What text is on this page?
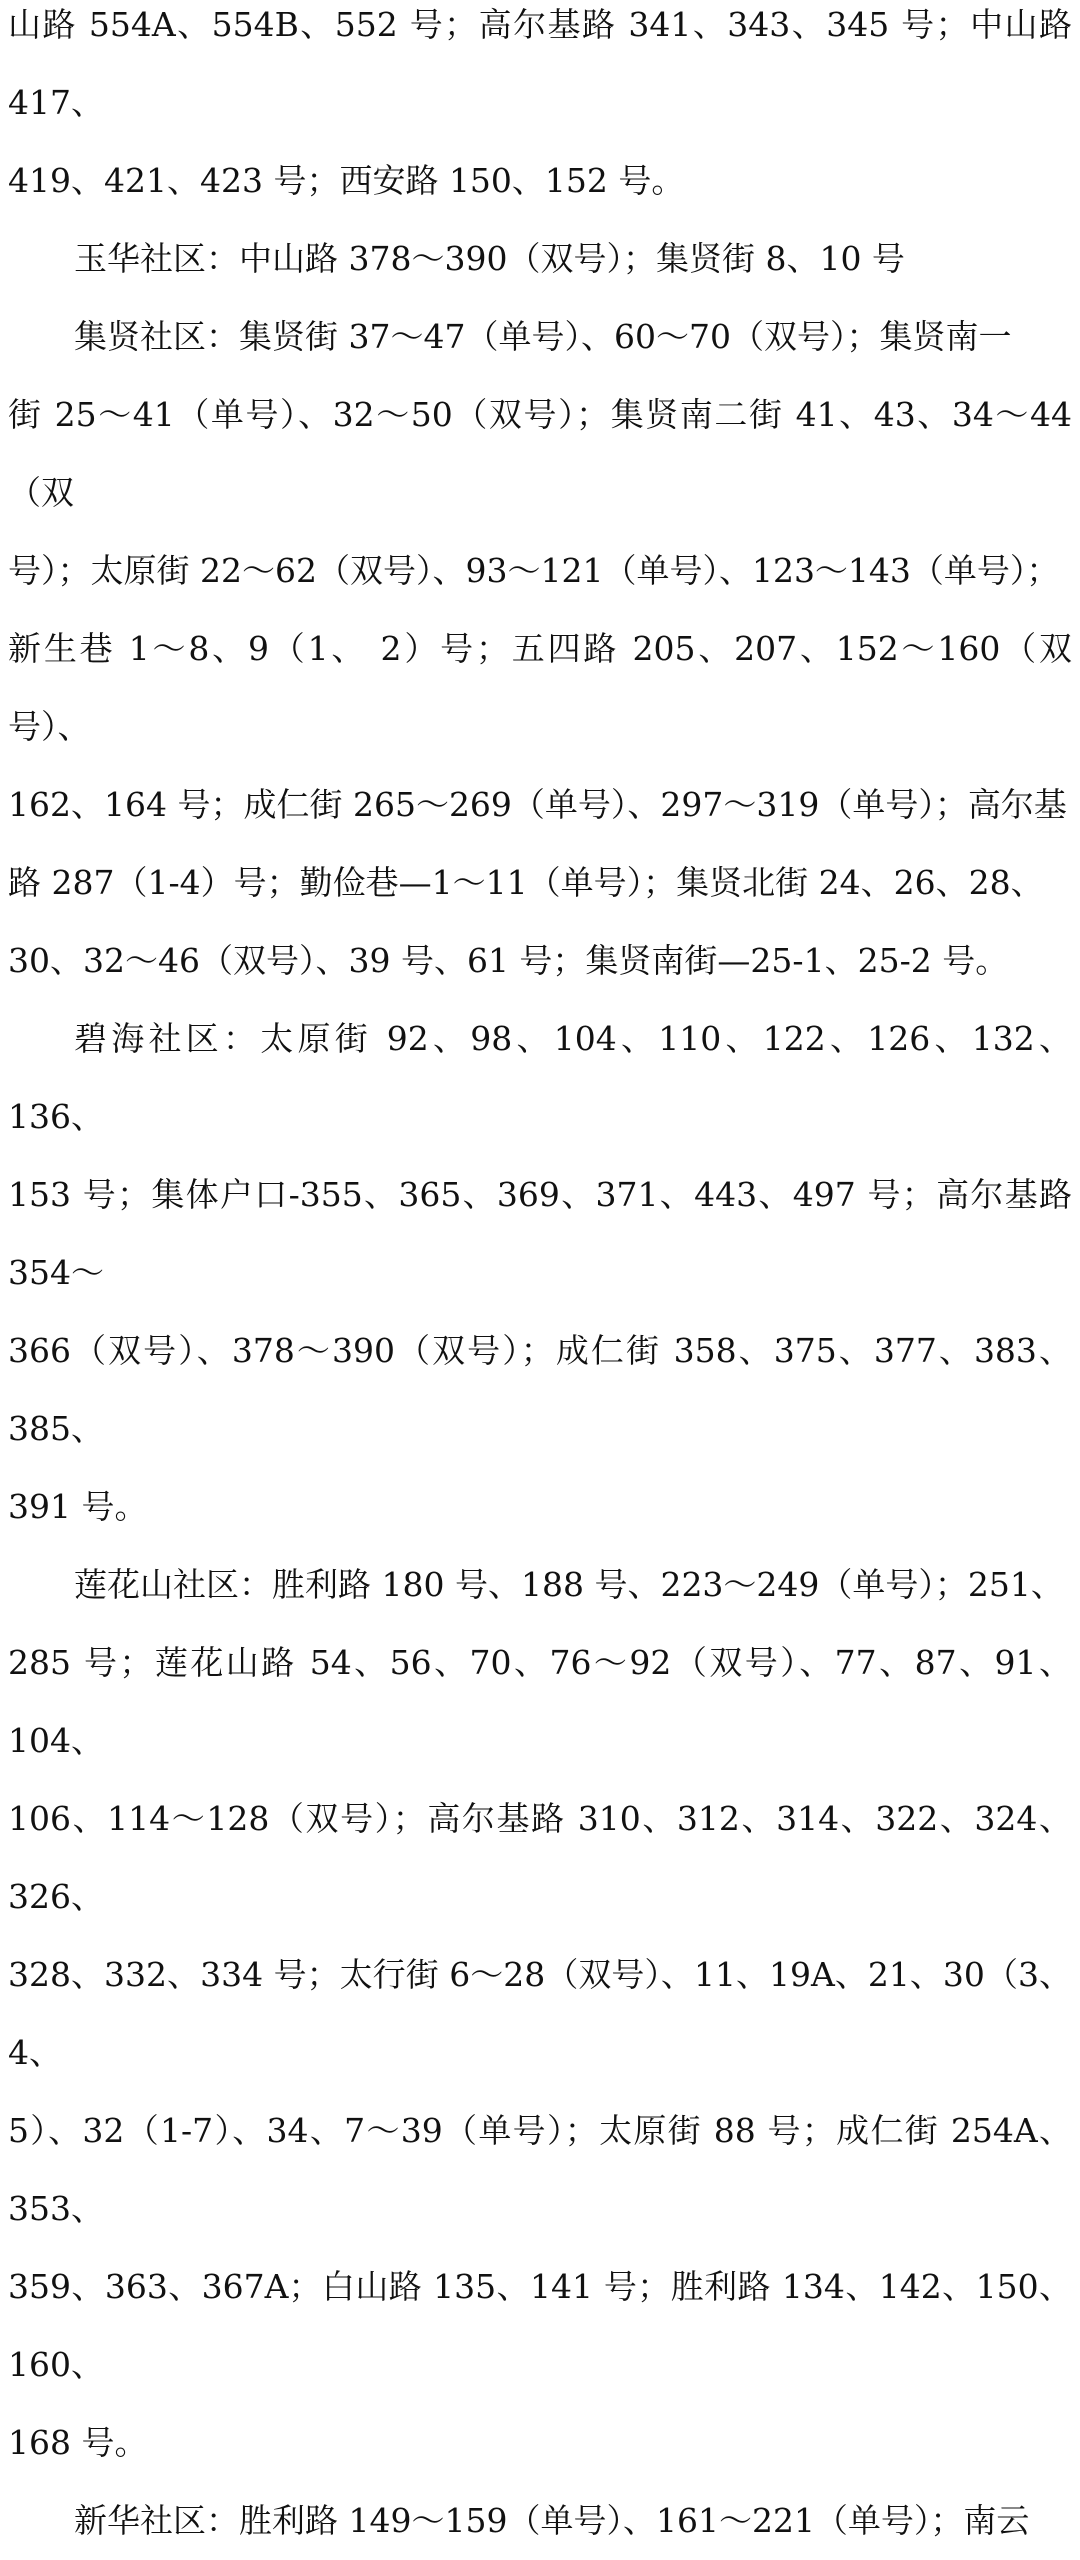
山路 554A、554B、552 号；高尔基路 341、343、345 号；中山路 417、
419、421、423 号；西安路 150、152 号。

玉华社区：中山路 378～390（双号）；集贤街 8、10 号

集贤社区：集贤街 37～47（单号）、60～70（双号）；集贤南一
街 25～41（单号）、32～50（双号）；集贤南二街 41、43、34～44（双
号）；太原街 22～62（双号）、93～121（单号）、123～143（单号）；
新生巷 1～8、9（1、 2）号；五四路 205、207、152～160（双号）、
162、164 号；成仁街 265～269（单号）、297～319（单号）；高尔基
路 287（1-4）号；勤俭巷—1～11（单号）；集贤北街 24、26、28、
30、32～46（双号）、39 号、61 号；集贤南街—25-1、25-2 号。

碧海社区：太原街 92、98、104、110、122、126、132、136、
153 号；集体户口-355、365、369、371、443、497 号；高尔基路 354～
366（双号）、378～390（双号）；成仁街 358、375、377、383、385、
391 号。

莲花山社区：胜利路 180 号、188 号、223～249（单号）；251、
285 号；莲花山路 54、56、70、76～92（双号）、77、87、91、104、
106、114～128（双号）；高尔基路 310、312、314、322、324、326、
328、332、334 号；太行街 6～28（双号）、11、19A、21、30（3、4、
5）、32（1-7）、34、7～39（单号）；太原街 88 号；成仁街 254A、353、
359、363、367A；白山路 135、141 号；胜利路 134、142、150、160、
168 号。

新华社区：胜利路 149～159（单号）、161～221（单号）；南云
